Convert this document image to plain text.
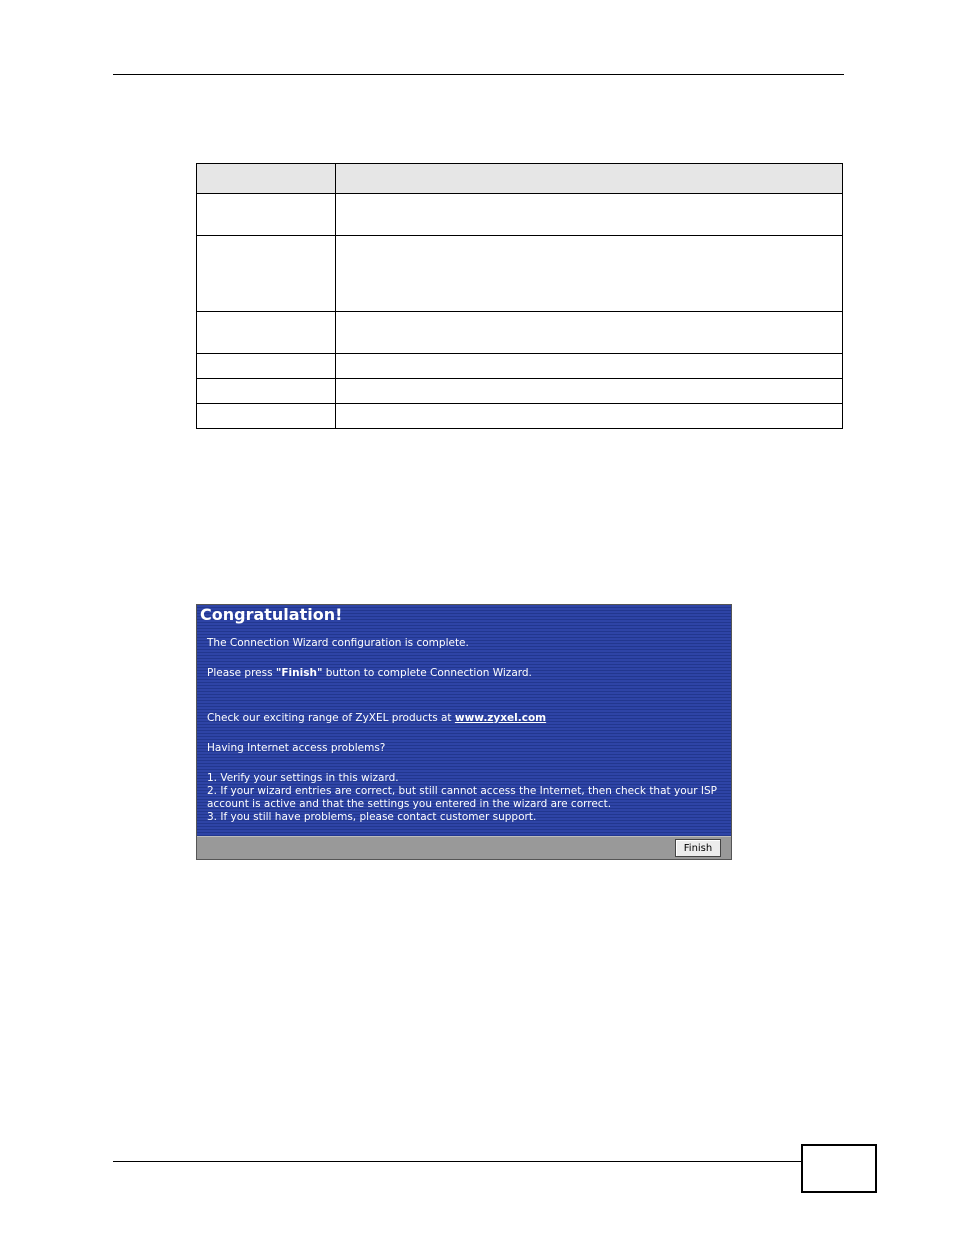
Congratulation!
The Connection Wizard configuration is complete.
Please press "Finish" button to complete Connection Wizard.
Check our exciting range of ZyXEL products at www.zyxel.com
Having Internet access problems?
1. Verify your settings in this wizard.
2. If your wizard entries are correct, but still cannot access the Internet, then check that your ISP
account is active and that the settings you entered in the wizard are correct.
3. If you still have problems, please contact customer support.
Finish
